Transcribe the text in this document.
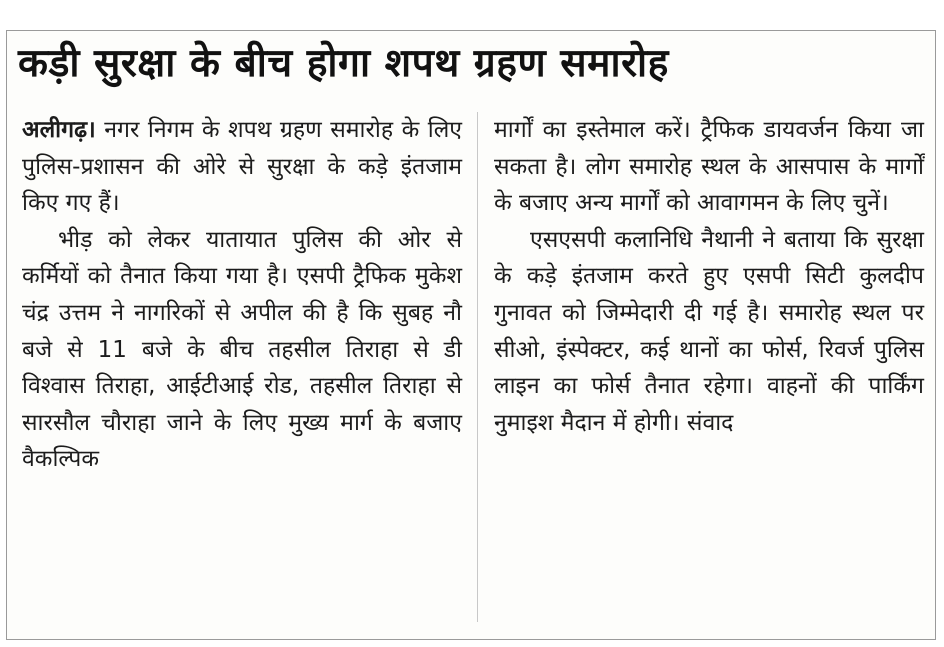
कड़ी सुरक्षा के बीच होगा शपथ ग्रहण समारोह

अलीगढ़। नगर निगम के शपथ ग्रहण समारोह के लिए पुलिस-प्रशासन की ओरे से सुरक्षा के कड़े इंतजाम किए गए हैं।

भीड़ को लेकर यातायात पुलिस की ओर से कर्मियों को तैनात किया गया है। एसपी ट्रैफिक मुकेश चंद्र उत्तम ने नागरिकों से अपील की है कि सुबह नौ बजे से 11 बजे के बीच तहसील तिराहा से डी विश्वास तिराहा, आईटीआई रोड, तहसील तिराहा से सारसौल चौराहा जाने के लिए मुख्य मार्ग के बजाए वैकल्पिक

मार्गों का इस्तेमाल करें। ट्रैफिक डायवर्जन किया जा सकता है। लोग समारोह स्थल के आसपास के मार्गों के बजाए अन्य मार्गों को आवागमन के लिए चुनें।

एसएसपी कलानिधि नैथानी ने बताया कि सुरक्षा के कड़े इंतजाम करते हुए एसपी सिटी कुलदीप गुनावत को जिम्मेदारी दी गई है। समारोह स्थल पर सीओ, इंस्पेक्टर, कई थानों का फोर्स, रिवर्ज पुलिस लाइन का फोर्स तैनात रहेगा। वाहनों की पार्किंग नुमाइश मैदान में होगी। संवाद
